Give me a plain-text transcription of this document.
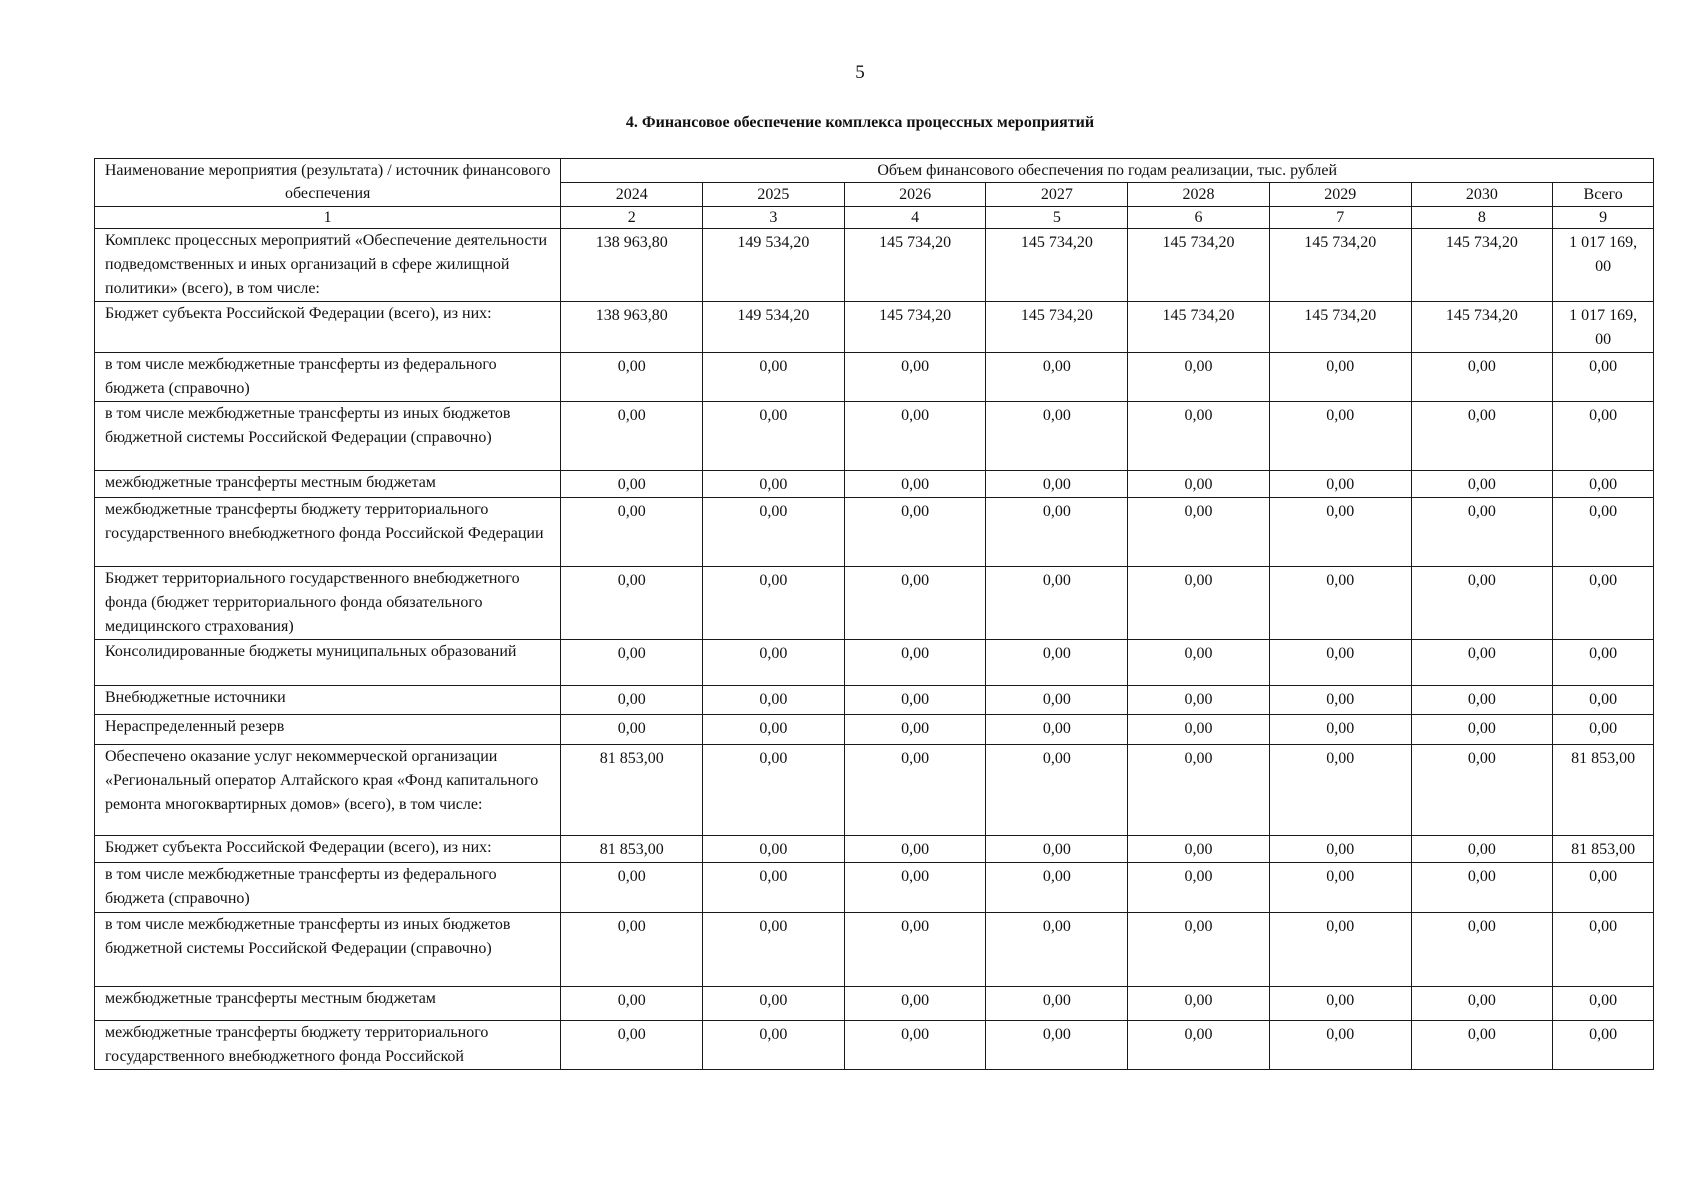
5
4. Финансовое обеспечение комплекса процессных мероприятий
Наименование мероприятия (результата) / источник финансового обеспечения	Объем финансового обеспечения по годам реализации, тыс. рублей							
	2024	2025	2026	2027	2028	2029	2030	Всего
1	2	3	4	5	6	7	8	9
Комплекс процессных мероприятий «Обеспечение деятельности подведомственных и иных организаций в сфере жилищной политики» (всего), в том числе:	138 963,80	149 534,20	145 734,20	145 734,20	145 734,20	145 734,20	145 734,20	1 017 169, 00
Бюджет субъекта Российской Федерации (всего), из них:	138 963,80	149 534,20	145 734,20	145 734,20	145 734,20	145 734,20	145 734,20	1 017 169, 00
в том числе межбюджетные трансферты из федерального бюджета (справочно)	0,00	0,00	0,00	0,00	0,00	0,00	0,00	0,00
в том числе межбюджетные трансферты из иных бюджетов бюджетной системы Российской Федерации (справочно)	0,00	0,00	0,00	0,00	0,00	0,00	0,00	0,00
межбюджетные трансферты местным бюджетам	0,00	0,00	0,00	0,00	0,00	0,00	0,00	0,00
межбюджетные трансферты бюджету территориального государственного внебюджетного фонда Российской Федерации	0,00	0,00	0,00	0,00	0,00	0,00	0,00	0,00
Бюджет территориального государственного внебюджетного фонда (бюджет территориального фонда обязательного медицинского страхования)	0,00	0,00	0,00	0,00	0,00	0,00	0,00	0,00
Консолидированные бюджеты муниципальных образований	0,00	0,00	0,00	0,00	0,00	0,00	0,00	0,00
Внебюджетные источники	0,00	0,00	0,00	0,00	0,00	0,00	0,00	0,00
Нераспределенный резерв	0,00	0,00	0,00	0,00	0,00	0,00	0,00	0,00
Обеспечено оказание услуг некоммерческой организации «Региональный оператор Алтайского края «Фонд капитального ремонта многоквартирных домов» (всего), в том числе:	81 853,00	0,00	0,00	0,00	0,00	0,00	0,00	81 853,00
Бюджет субъекта Российской Федерации (всего), из них:	81 853,00	0,00	0,00	0,00	0,00	0,00	0,00	81 853,00
в том числе межбюджетные трансферты из федерального бюджета (справочно)	0,00	0,00	0,00	0,00	0,00	0,00	0,00	0,00
в том числе межбюджетные трансферты из иных бюджетов бюджетной системы Российской Федерации (справочно)	0,00	0,00	0,00	0,00	0,00	0,00	0,00	0,00
межбюджетные трансферты местным бюджетам	0,00	0,00	0,00	0,00	0,00	0,00	0,00	0,00
межбюджетные трансферты бюджету территориального государственного внебюджетного фонда Российской	0,00	0,00	0,00	0,00	0,00	0,00	0,00	0,00
